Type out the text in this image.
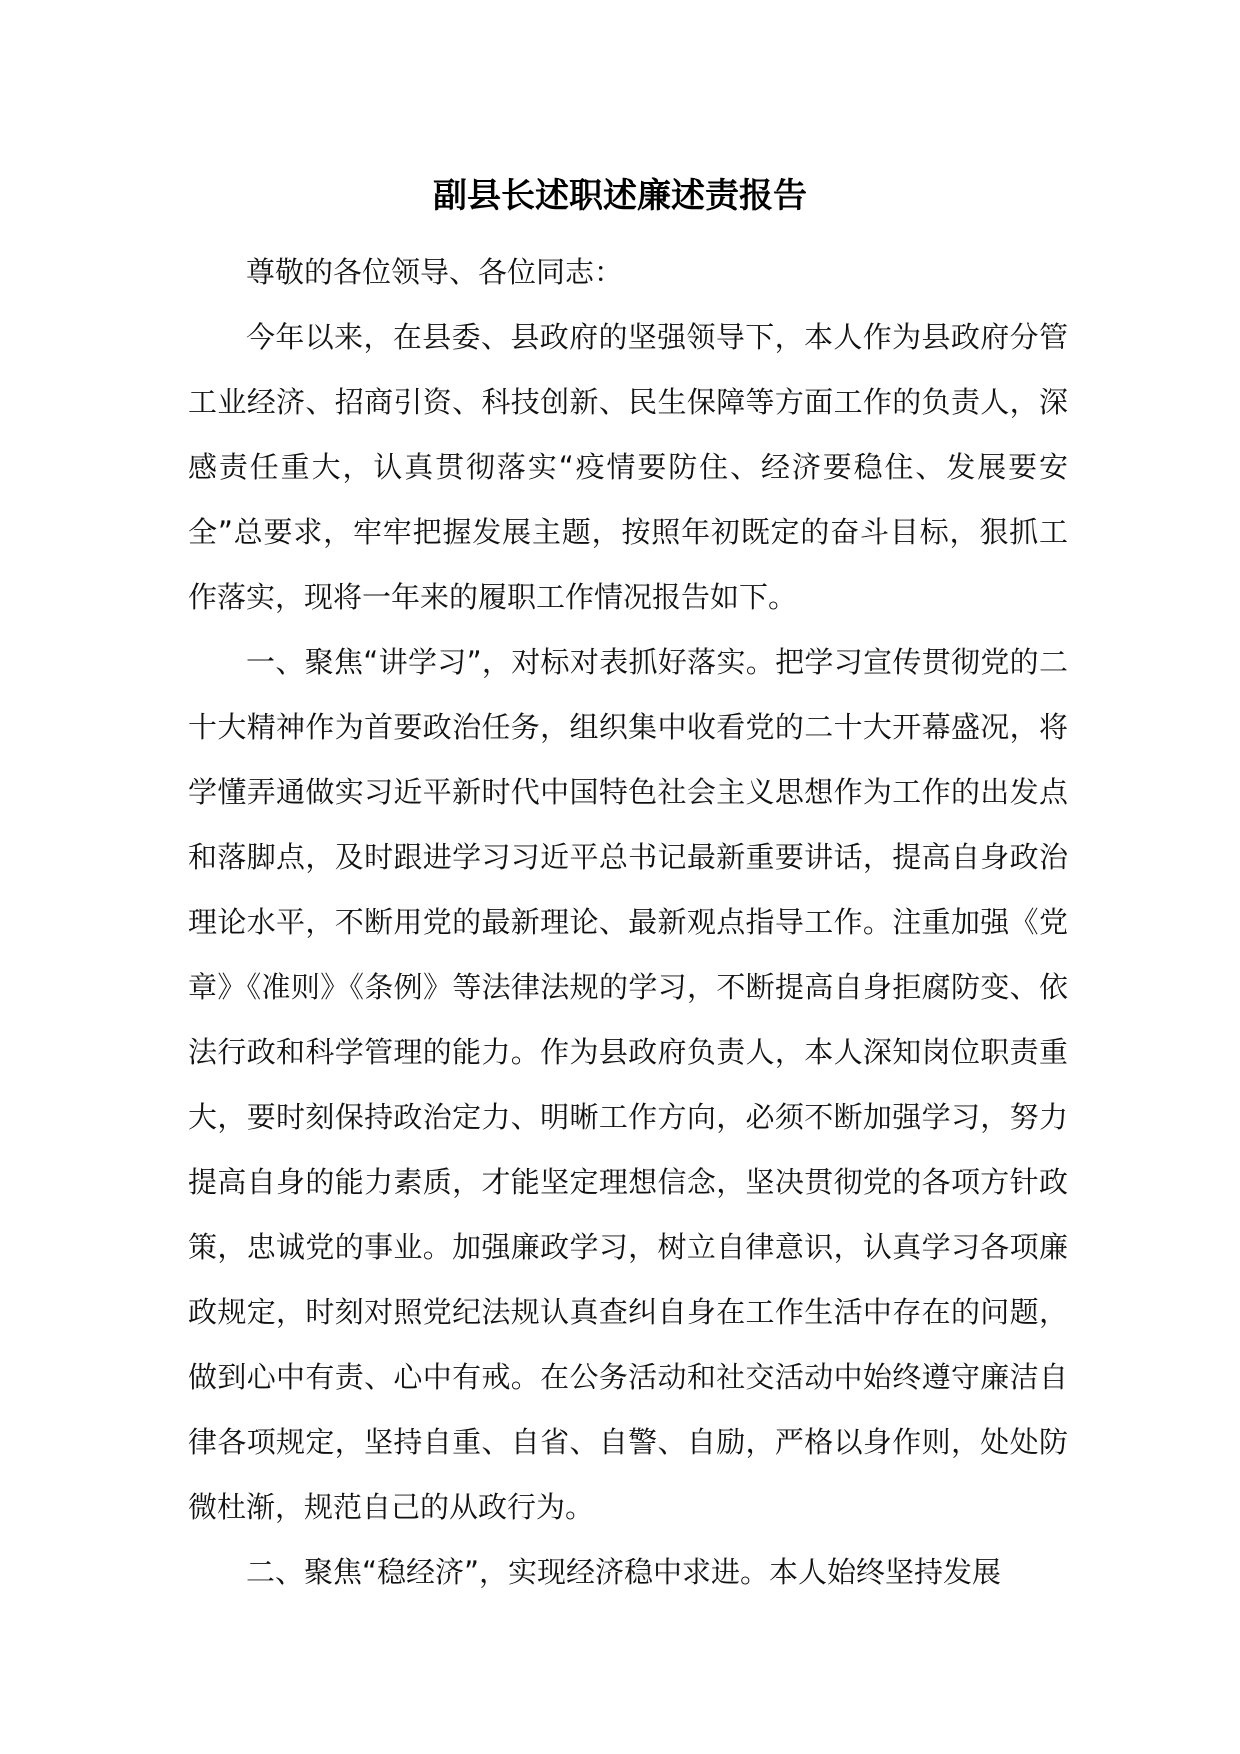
副县长述职述廉述责报告

尊敬的各位领导、各位同志：

今年以来，在县委、县政府的坚强领导下，本人作为县政府分管工业经济、招商引资、科技创新、民生保障等方面工作的负责人，深感责任重大，认真贯彻落实“疫情要防住、经济要稳住、发展要安全”总要求，牢牢把握发展主题，按照年初既定的奋斗目标，狠抓工作落实，现将一年来的履职工作情况报告如下。

一、聚焦“讲学习”，对标对表抓好落实。把学习宣传贯彻党的二十大精神作为首要政治任务，组织集中收看党的二十大开幕盛况，将学懂弄通做实习近平新时代中国特色社会主义思想作为工作的出发点和落脚点，及时跟进学习习近平总书记最新重要讲话，提高自身政治理论水平，不断用党的最新理论、最新观点指导工作。注重加强《党章》《准则》《条例》等法律法规的学习，不断提高自身拒腐防变、依法行政和科学管理的能力。作为县政府负责人，本人深知岗位职责重大，要时刻保持政治定力、明晰工作方向，必须不断加强学习，努力提高自身的能力素质，才能坚定理想信念，坚决贯彻党的各项方针政策，忠诚党的事业。加强廉政学习，树立自律意识，认真学习各项廉政规定，时刻对照党纪法规认真查纠自身在工作生活中存在的问题，做到心中有责、心中有戒。在公务活动和社交活动中始终遵守廉洁自律各项规定，坚持自重、自省、自警、自励，严格以身作则，处处防微杜渐，规范自己的从政行为。

二、聚焦“稳经济”，实现经济稳中求进。本人始终坚持发展
